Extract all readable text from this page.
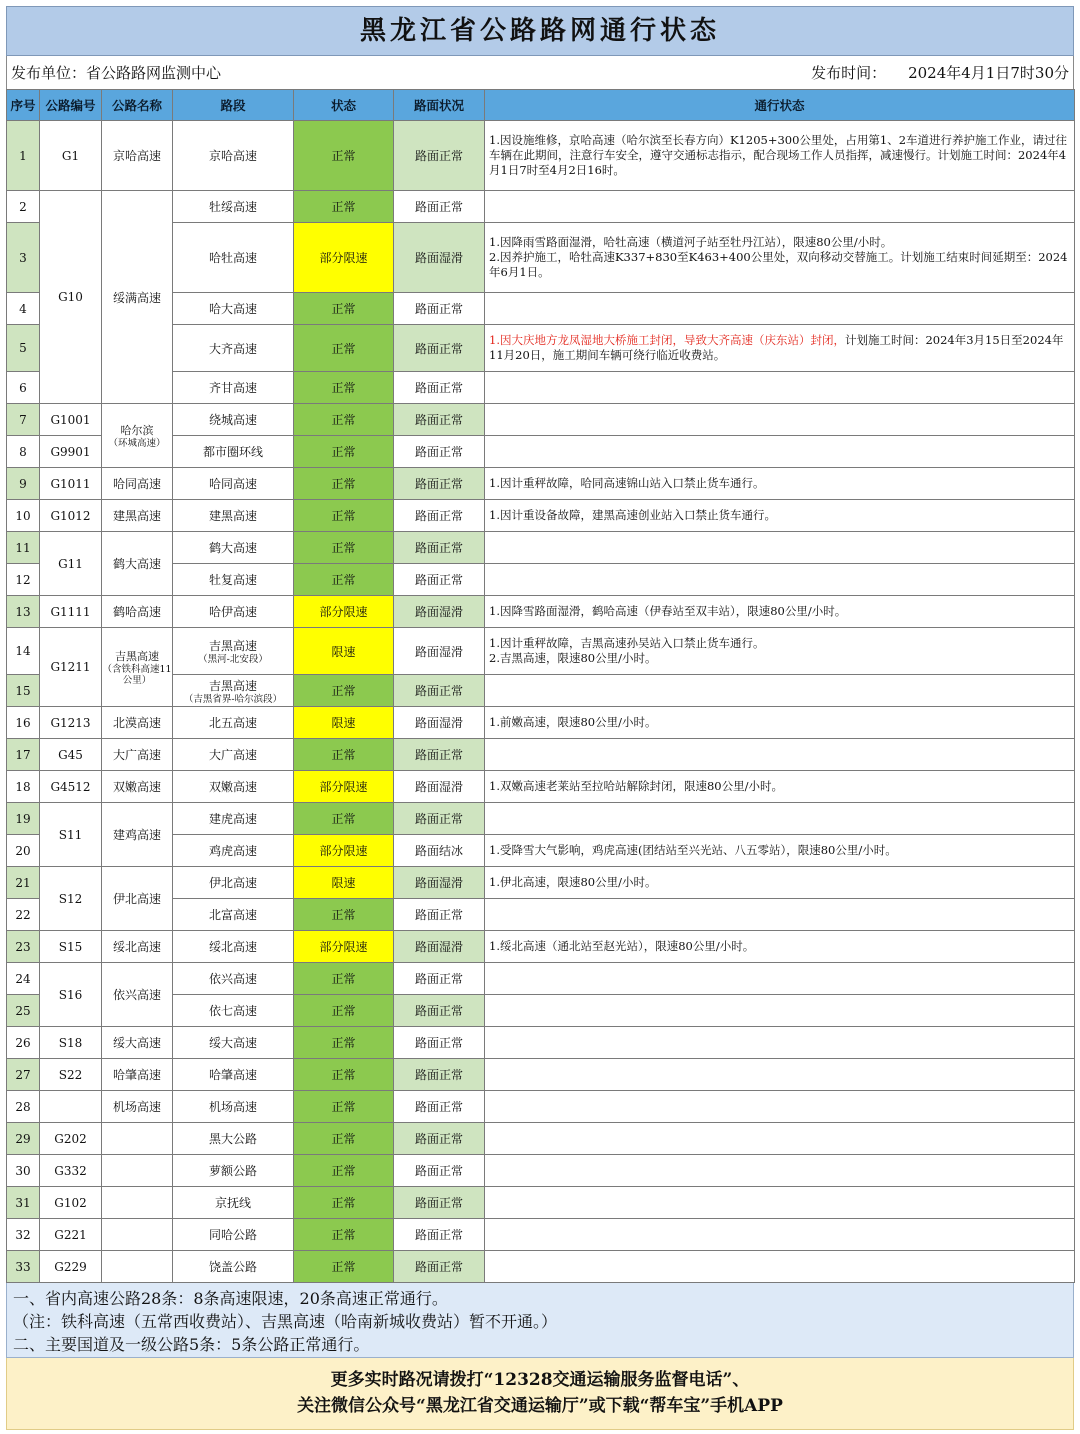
黑龙江省公路路网通行状态
发布单位：省公路路网监测中心	发布时间： 2024年4月1日7时30分
序号	公路编号	公路名称	路段	状态	路面状况	通行状态
1	G1	京哈高速	京哈高速	正常	路面正常	1.因设施维修，京哈高速（哈尔滨至长春方向）K1205+300公里处，占用第1、2车道进行养护施工作业，请过往车辆在此期间，注意行车安全，遵守交通标志指示，配合现场工作人员指挥，减速慢行。计划施工时间：2024年4月1日7时至4月2日16时。
2	G10	绥满高速	牡绥高速	正常	路面正常	
3			哈牡高速	部分限速	路面湿滑	1.因降雨雪路面湿滑，哈牡高速（横道河子站至牡丹江站），限速80公里/小时。
2.因养护施工，哈牡高速K337+830至K463+400公里处，双向移动交替施工。计划施工结束时间延期至：2024年6月1日。
4			哈大高速	正常	路面正常	
5			大齐高速	正常	路面正常	1.因大庆地方龙凤湿地大桥施工封闭，导致大齐高速（庆东站）封闭，计划施工时间：2024年3月15日至2024年11月20日，施工期间车辆可绕行临近收费站。
6			齐甘高速	正常	路面正常	
7	G1001	哈尔滨
（环城高速）	绕城高速	正常	路面正常	
8	G9901		都市圈环线	正常	路面正常	
9	G1011	哈同高速	哈同高速	正常	路面正常	1.因计重秤故障，哈同高速锦山站入口禁止货车通行。
10	G1012	建黑高速	建黑高速	正常	路面正常	1.因计重设备故障，建黑高速创业站入口禁止货车通行。
11	G11	鹤大高速	鹤大高速	正常	路面正常	
12			牡复高速	正常	路面正常	
13	G1111	鹤哈高速	哈伊高速	部分限速	路面湿滑	1.因降雪路面湿滑，鹤哈高速（伊春站至双丰站），限速80公里/小时。
14	G1211	吉黑高速
（含铁科高速11公里）	吉黑高速
（黑河-北安段）	限速	路面湿滑	1.因计重秤故障，吉黑高速孙吴站入口禁止货车通行。
2.吉黑高速，限速80公里/小时。
15			吉黑高速
（吉黑省界-哈尔滨段）	正常	路面正常	
16	G1213	北漠高速	北五高速	限速	路面湿滑	1.前嫩高速，限速80公里/小时。
17	G45	大广高速	大广高速	正常	路面正常	
18	G4512	双嫩高速	双嫩高速	部分限速	路面湿滑	1.双嫩高速老莱站至拉哈站解除封闭，限速80公里/小时。
19	S11	建鸡高速	建虎高速	正常	路面正常	
20			鸡虎高速	部分限速	路面结冰	1.受降雪大气影响，鸡虎高速(团结站至兴光站、八五零站），限速80公里/小时。
21	S12	伊北高速	伊北高速	限速	路面湿滑	1.伊北高速，限速80公里/小时。
22			北富高速	正常	路面正常	
23	S15	绥北高速	绥北高速	部分限速	路面湿滑	1.绥北高速（通北站至赵光站），限速80公里/小时。
24	S16	依兴高速	依兴高速	正常	路面正常	
25			依七高速	正常	路面正常	
26	S18	绥大高速	绥大高速	正常	路面正常	
27	S22	哈肇高速	哈肇高速	正常	路面正常	
28		机场高速	机场高速	正常	路面正常	
29	G202		黑大公路	正常	路面正常	
30	G332		萝额公路	正常	路面正常	
31	G102		京抚线	正常	路面正常	
32	G221		同哈公路	正常	路面正常	
33	G229		饶盖公路	正常	路面正常	
一、省内高速公路28条：8条高速限速，20条高速正常通行。
（注：铁科高速（五常西收费站）、吉黑高速（哈南新城收费站）暂不开通。）
二、主要国道及一级公路5条：5条公路正常通行。
更多实时路况请拨打“12328交通运输服务监督电话”、
关注微信公众号“黑龙江省交通运输厅”或下载“帮车宝”手机APP
